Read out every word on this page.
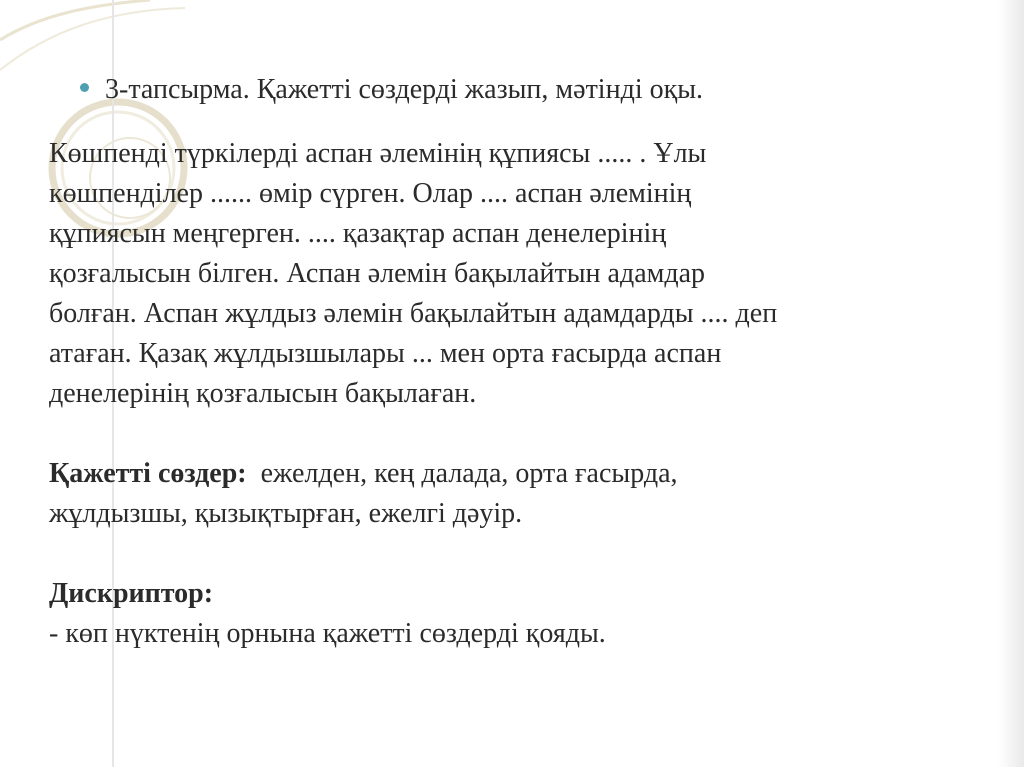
3-тапсырма. Қажетті сөздерді жазып, мәтінді оқы.
Көшпенді түркілерді аспан әлемінің құпиясы ..... . Ұлы
көшпенділер ...... өмір сүрген. Олар .... аспан әлемінің
құпиясын меңгерген. .... қазақтар аспан денелерінің
қозғалысын білген. Аспан әлемін бақылайтын адамдар
болған. Аспан жұлдыз әлемін бақылайтын адамдарды .... деп
атаған. Қазақ жұлдызшылары ... мен орта ғасырда аспан
денелерінің қозғалысын бақылаған.
Қажетті сөздер: ежелден, кең далада, орта ғасырда,
жұлдызшы, қызықтырған, ежелгі дәуір.
Дискриптор:
- көп нүктенің орнына қажетті сөздерді қояды.
